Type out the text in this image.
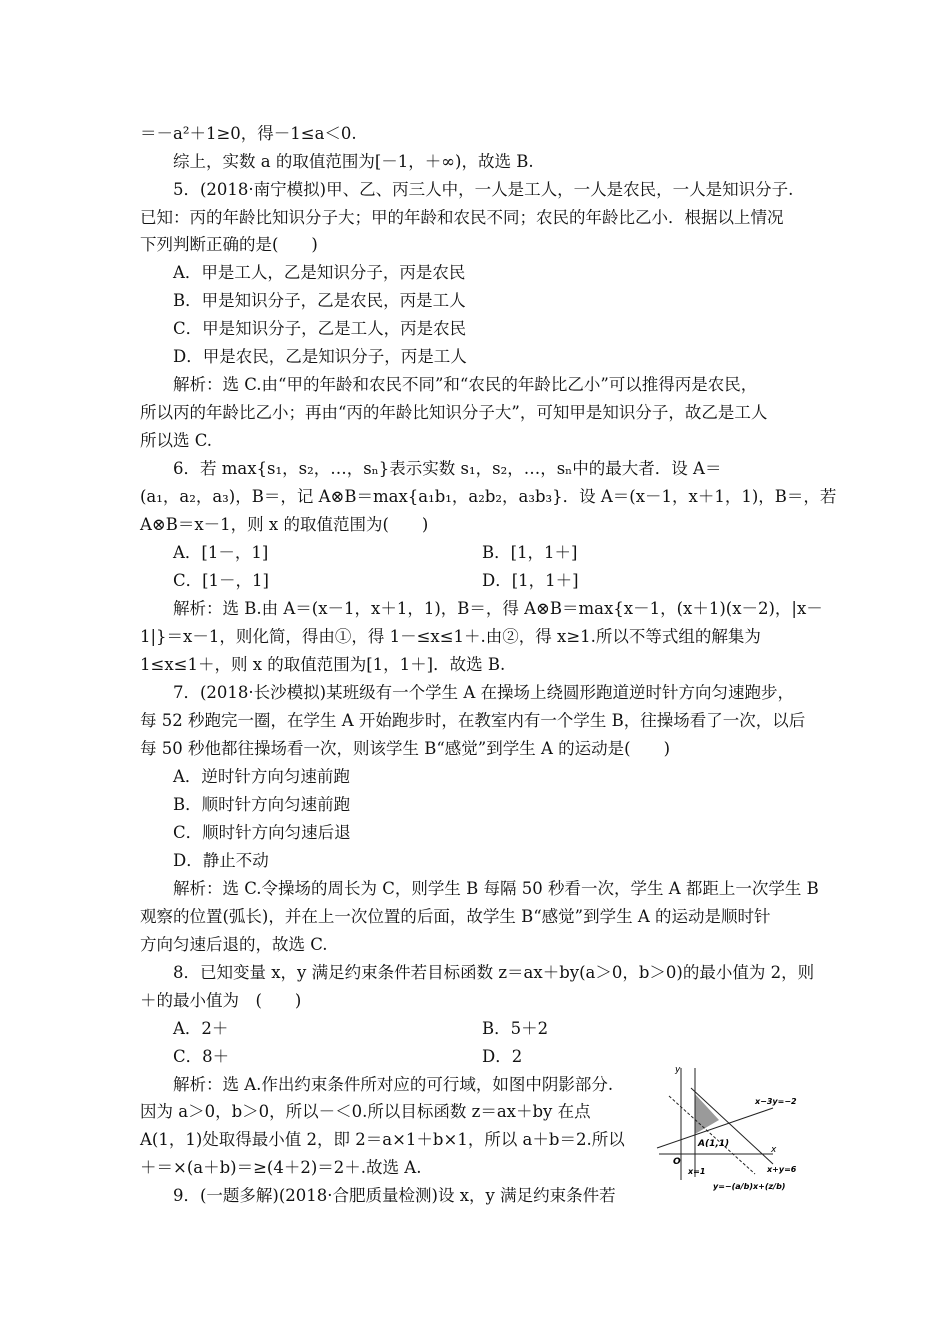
＝－a²＋1≥0，得－1≤a＜0.
综上，实数 a 的取值范围为[－1，＋∞)，故选 B.
5．(2018·南宁模拟)甲、乙、丙三人中，一人是工人，一人是农民，一人是知识分子.
已知：丙的年龄比知识分子大；甲的年龄和农民不同；农民的年龄比乙小．根据以上情况
下列判断正确的是(　　)
A．甲是工人，乙是知识分子，丙是农民
B．甲是知识分子，乙是农民，丙是工人
C．甲是知识分子，乙是工人，丙是农民
D．甲是农民，乙是知识分子，丙是工人
解析：选 C.由“甲的年龄和农民不同”和“农民的年龄比乙小”可以推得丙是农民，
所以丙的年龄比乙小；再由“丙的年龄比知识分子大”，可知甲是知识分子，故乙是工人
所以选 C.
6．若 max{s₁，s₂，…，sₙ}表示实数 s₁，s₂，…，sₙ中的最大者．设 A＝
(a₁，a₂，a₃)，B＝，记 A⊗B＝max{a₁b₁，a₂b₂，a₃b₃}．设 A＝(x－1，x＋1，1)，B＝，若
A⊗B＝x－1，则 x 的取值范围为(　　)
A．[1－，1]	B．[1，1＋]
C．[1－，1]	D．[1，1＋]
解析：选 B.由 A＝(x－1，x＋1，1)，B＝，得 A⊗B＝max{x－1，(x＋1)(x－2)，|x－
1|}＝x－1，则化简，得由①，得 1－≤x≤1＋.由②，得 x≥1.所以不等式组的解集为
1≤x≤1＋，则 x 的取值范围为[1，1＋]．故选 B.
7．(2018·长沙模拟)某班级有一个学生 A 在操场上绕圆形跑道逆时针方向匀速跑步，
每 52 秒跑完一圈，在学生 A 开始跑步时，在教室内有一个学生 B，往操场看了一次，以后
每 50 秒他都往操场看一次，则该学生 B“感觉”到学生 A 的运动是(　　)
A．逆时针方向匀速前跑
B．顺时针方向匀速前跑
C．顺时针方向匀速后退
D．静止不动
解析：选 C.令操场的周长为 C，则学生 B 每隔 50 秒看一次，学生 A 都距上一次学生 B
观察的位置(弧长)，并在上一次位置的后面，故学生 B“感觉”到学生 A 的运动是顺时针
方向匀速后退的，故选 C.
8．已知变量 x，y 满足约束条件若目标函数 z＝ax＋by(a＞0，b＞0)的最小值为 2，则
＋的最小值为　(　　)
A．2＋	B．5＋2
C．8＋	D．2
解析：选 A.作出约束条件所对应的可行域，如图中阴影部分.
因为 a＞0，b＞0，所以－＜0.所以目标函数 z＝ax＋by 在点
A(1，1)处取得最小值 2，即 2＝a×1＋b×1，所以 a＋b＝2.所以
＋＝×(a＋b)＝≥(4＋2)＝2＋.故选 A.
9．(一题多解)(2018·合肥质量检测)设 x，y 满足约束条件若
y
x
O
A(1,1)
x−3y=−2
x+y=6
x=1
y=−(a/b)x+(z/b)
